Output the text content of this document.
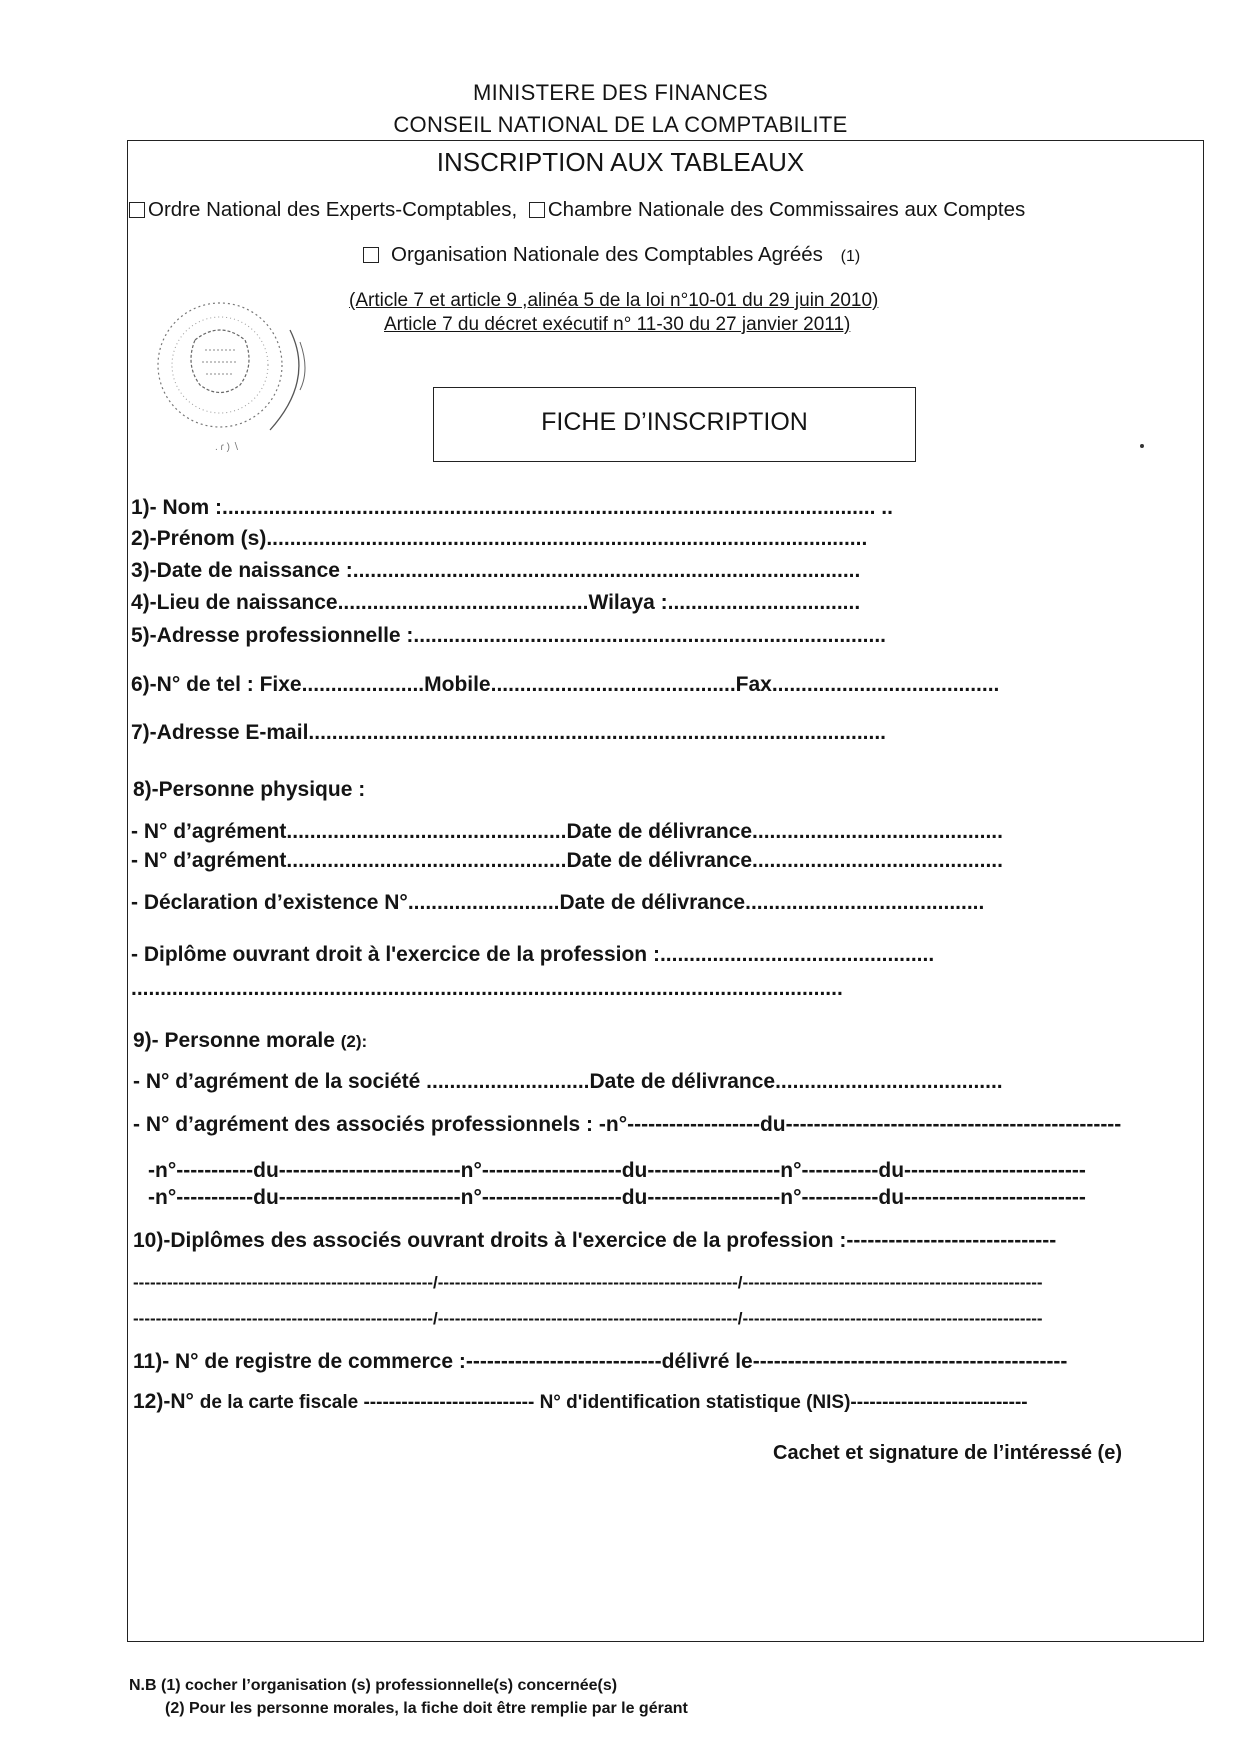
MINISTERE DES FINANCES
CONSEIL NATIONAL DE LA COMPTABILITE
INSCRIPTION AUX TABLEAUX
Ordre National des Experts-Comptables, Chambre Nationale des Commissaires aux Comptes
Organisation Nationale des Comptables Agréés (1)
(Article 7 et article 9 ,alinéa 5 de la loi n°10-01 du 29 juin 2010)
Article 7 du décret exécutif n° 11-30 du 27 janvier 2011)
. ɾ ) ∖
FICHE D’INSCRIPTION
1)- Nom :................................................................................................................ ..
2)-Prénom (s).......................................................................................................
3)-Date de naissance :.......................................................................................
4)-Lieu de naissance...........................................Wilaya :.................................
5)-Adresse professionnelle :.................................................................................
6)-N° de tel : Fixe.....................Mobile..........................................Fax.......................................
7)-Adresse E-mail...................................................................................................
8)-Personne physique :
- N° d’agrément................................................Date de délivrance...........................................
- N° d’agrément................................................Date de délivrance...........................................
- Déclaration d’existence N°..........................Date de délivrance.........................................
- Diplôme ouvrant droit à l'exercice de la profession :...............................................
..........................................................................................................................
9)- Personne morale (2):
- N° d’agrément de la société ............................Date de délivrance.......................................
- N° d’agrément des associés professionnels : -n°-------------------du------------------------------------------------
-n°-----------du--------------------------n°--------------------du-------------------n°-----------du--------------------------
-n°-----------du--------------------------n°--------------------du-------------------n°-----------du--------------------------
10)-Diplômes des associés ouvrant droits à l'exercice de la profession :------------------------------
-----------------------------------------------------/-----------------------------------------------------/-----------------------------------------------------
-----------------------------------------------------/-----------------------------------------------------/-----------------------------------------------------
11)- N° de registre de commerce :----------------------------délivré le---------------------------------------------
12)-N° de la carte fiscale --------------------------- N° d'identification statistique (NIS)----------------------------
Cachet et signature de l’intéressé (e)
N.B (1) cocher l’organisation (s) professionnelle(s) concernée(s)
(2) Pour les personne morales, la fiche doit être remplie par le gérant
